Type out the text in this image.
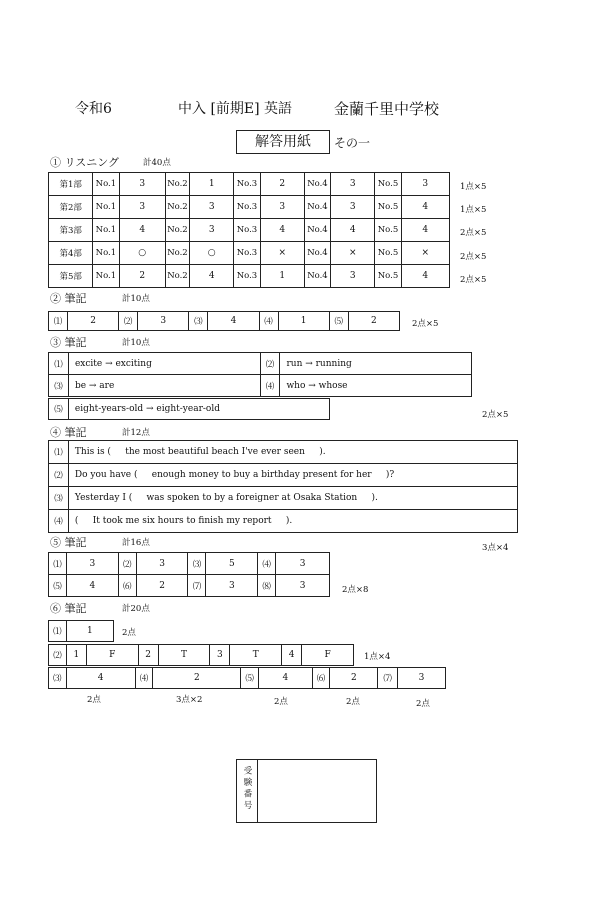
令和6	中入 [前期E] 英語	金蘭千里中学校
解答用紙	その一
① リスニング	計40点
第1部	No.1	3	No.2	1	No.3	2	No.4	3	No.5	3
第2部	No.1	3	No.2	3	No.3	3	No.4	3	No.5	4
第3部	No.1	4	No.2	3	No.3	4	No.4	4	No.5	4
第4部	No.1	○	No.2	○	No.3	×	No.4	×	No.5	×
第5部	No.1	2	No.2	4	No.3	1	No.4	3	No.5	4
1点×5
1点×5
2点×5
2点×5
2点×5
② 筆記	計10点
⑴	2	⑵	3	⑶	4	⑷	1	⑸	2	2点×5
③ 筆記	計10点
⑴	excite → exciting	⑵	run → running
⑶	be → are	⑷	who → whose
⑸	eight-years-old → eight-year-old
2点×5
④ 筆記	計12点
⑴	This is (     the most beautiful beach I've ever seen     ).
⑵	Do you have (     enough money to buy a birthday present for her     )?
⑶	Yesterday I (     was spoken to by a foreigner at Osaka Station     ).
⑷	(     It took me six hours to finish my report     ).
3点×4
⑤ 筆記	計16点
⑴	3	⑵	3	⑶	5	⑷	3
⑸	4	⑹	2	⑺	3	⑻	3	2点×8
⑥ 筆記	計20点
⑴	1	2点
⑵	1	F	2	T	3	T	4	F	1点×4
⑶	4	⑷	2	⑸	4	⑹	2	⑺	3
2点	3点×2	2点	2点	2点
受験番号
